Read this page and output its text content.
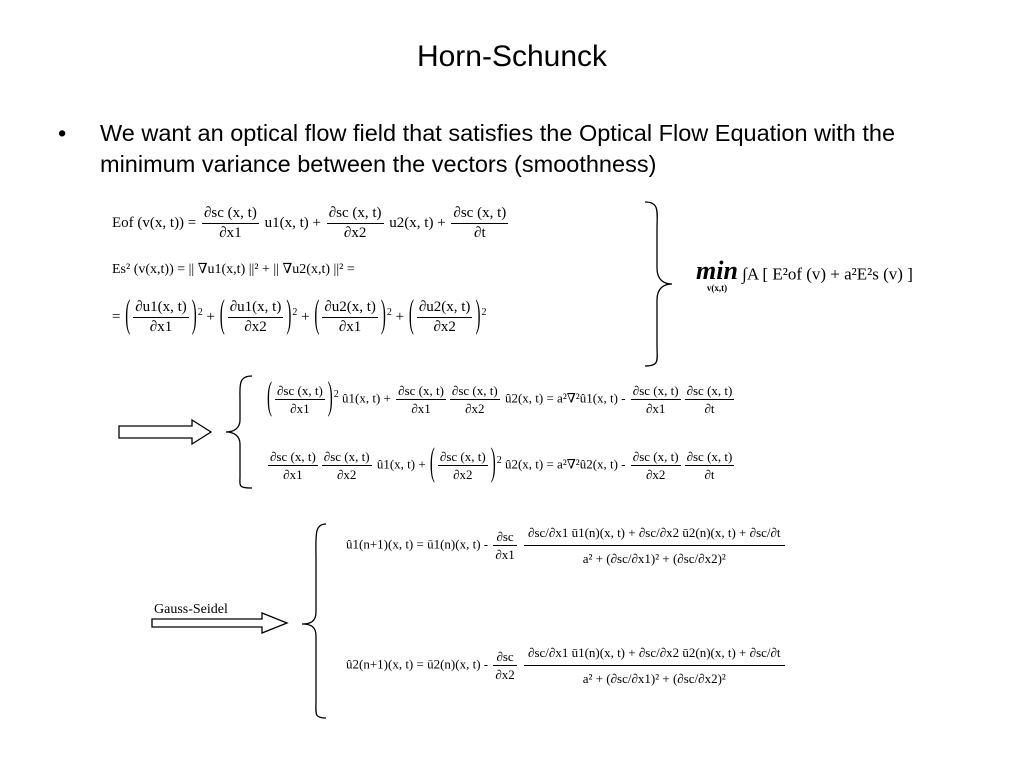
Horn-Schunck
• We want an optical flow field that satisfies the Optical Flow Equation with the minimum variance between the vectors (smoothness)
Eof (v(x, $t)) = \frac{\partial sc (x, t)}{\partial x1} u1(x$, $t) + \frac{\partial sc (x, t)}{\partial x2} u2(x$, $t) + \frac{\partial sc (x, t)}{\partial t}$
Es² (v(x,t)) = || ∇u1(x,t) ||² + || ∇u2(x,t) ||² =
= ( $\frac{\partial u1(x, t)}{\partial x1} )^2$ + ( $\frac{\partial u1(x, t)}{\partial x2} )^2$ + ( $\frac{\partial u2(x, t)}{\partial x1} )^2$ + ( $\frac{\partial u2(x, t)}{\partial x2} )^2$
min
v(x,t)
∫A [ E²of (v) + a²E²s (v) ]
( $\frac{\partial sc (x, t)}{\partial x1} )^2$ û1(x, $t) + \frac{\partial sc (x, t)}{\partial x1} \frac{\partial sc (x, t)}{\partial x2}$ û2(x, t) = a²∇²û1(x, $t) - \frac{\partial sc (x, t)}{\partial x1} \frac{\partial sc (x, t)}{\partial t}$
$\frac{\partial sc (x, t)}{\partial x1} \frac{\partial sc (x, t)}{\partial x2}$ û1(x, t) + ( $\frac{\partial sc (x, t)}{\partial x2} )^2$ û2(x, t) = a²∇²û2(x, $t) - \frac{\partial sc (x, t)}{\partial x2} \frac{\partial sc (x, t)}{\partial t}$
Gauss-Seidel
û1(n+1)(x, t) = ū1(n)(x, $t) - \frac{\partial sc}{\partial x1}$
$\frac{\partial sc/\partial x1 ū1(n)(x, t) + \partial sc/\partial x2 ū2(n)(x, t) + \partial sc/\partial t}{\text{a² + (∂sc/∂x1)² + (∂sc/∂x2)²}}$
û2(n+1)(x, t) = ū2(n)(x, $t) - \frac{\partial sc}{\partial x2}$
$\frac{\partial sc/\partial x1 ū1(n)(x, t) + \partial sc/\partial x2 ū2(n)(x, t) + \partial sc/\partial t}{\text{a² + (∂sc/∂x1)² + (∂sc/∂x2)²}}$
